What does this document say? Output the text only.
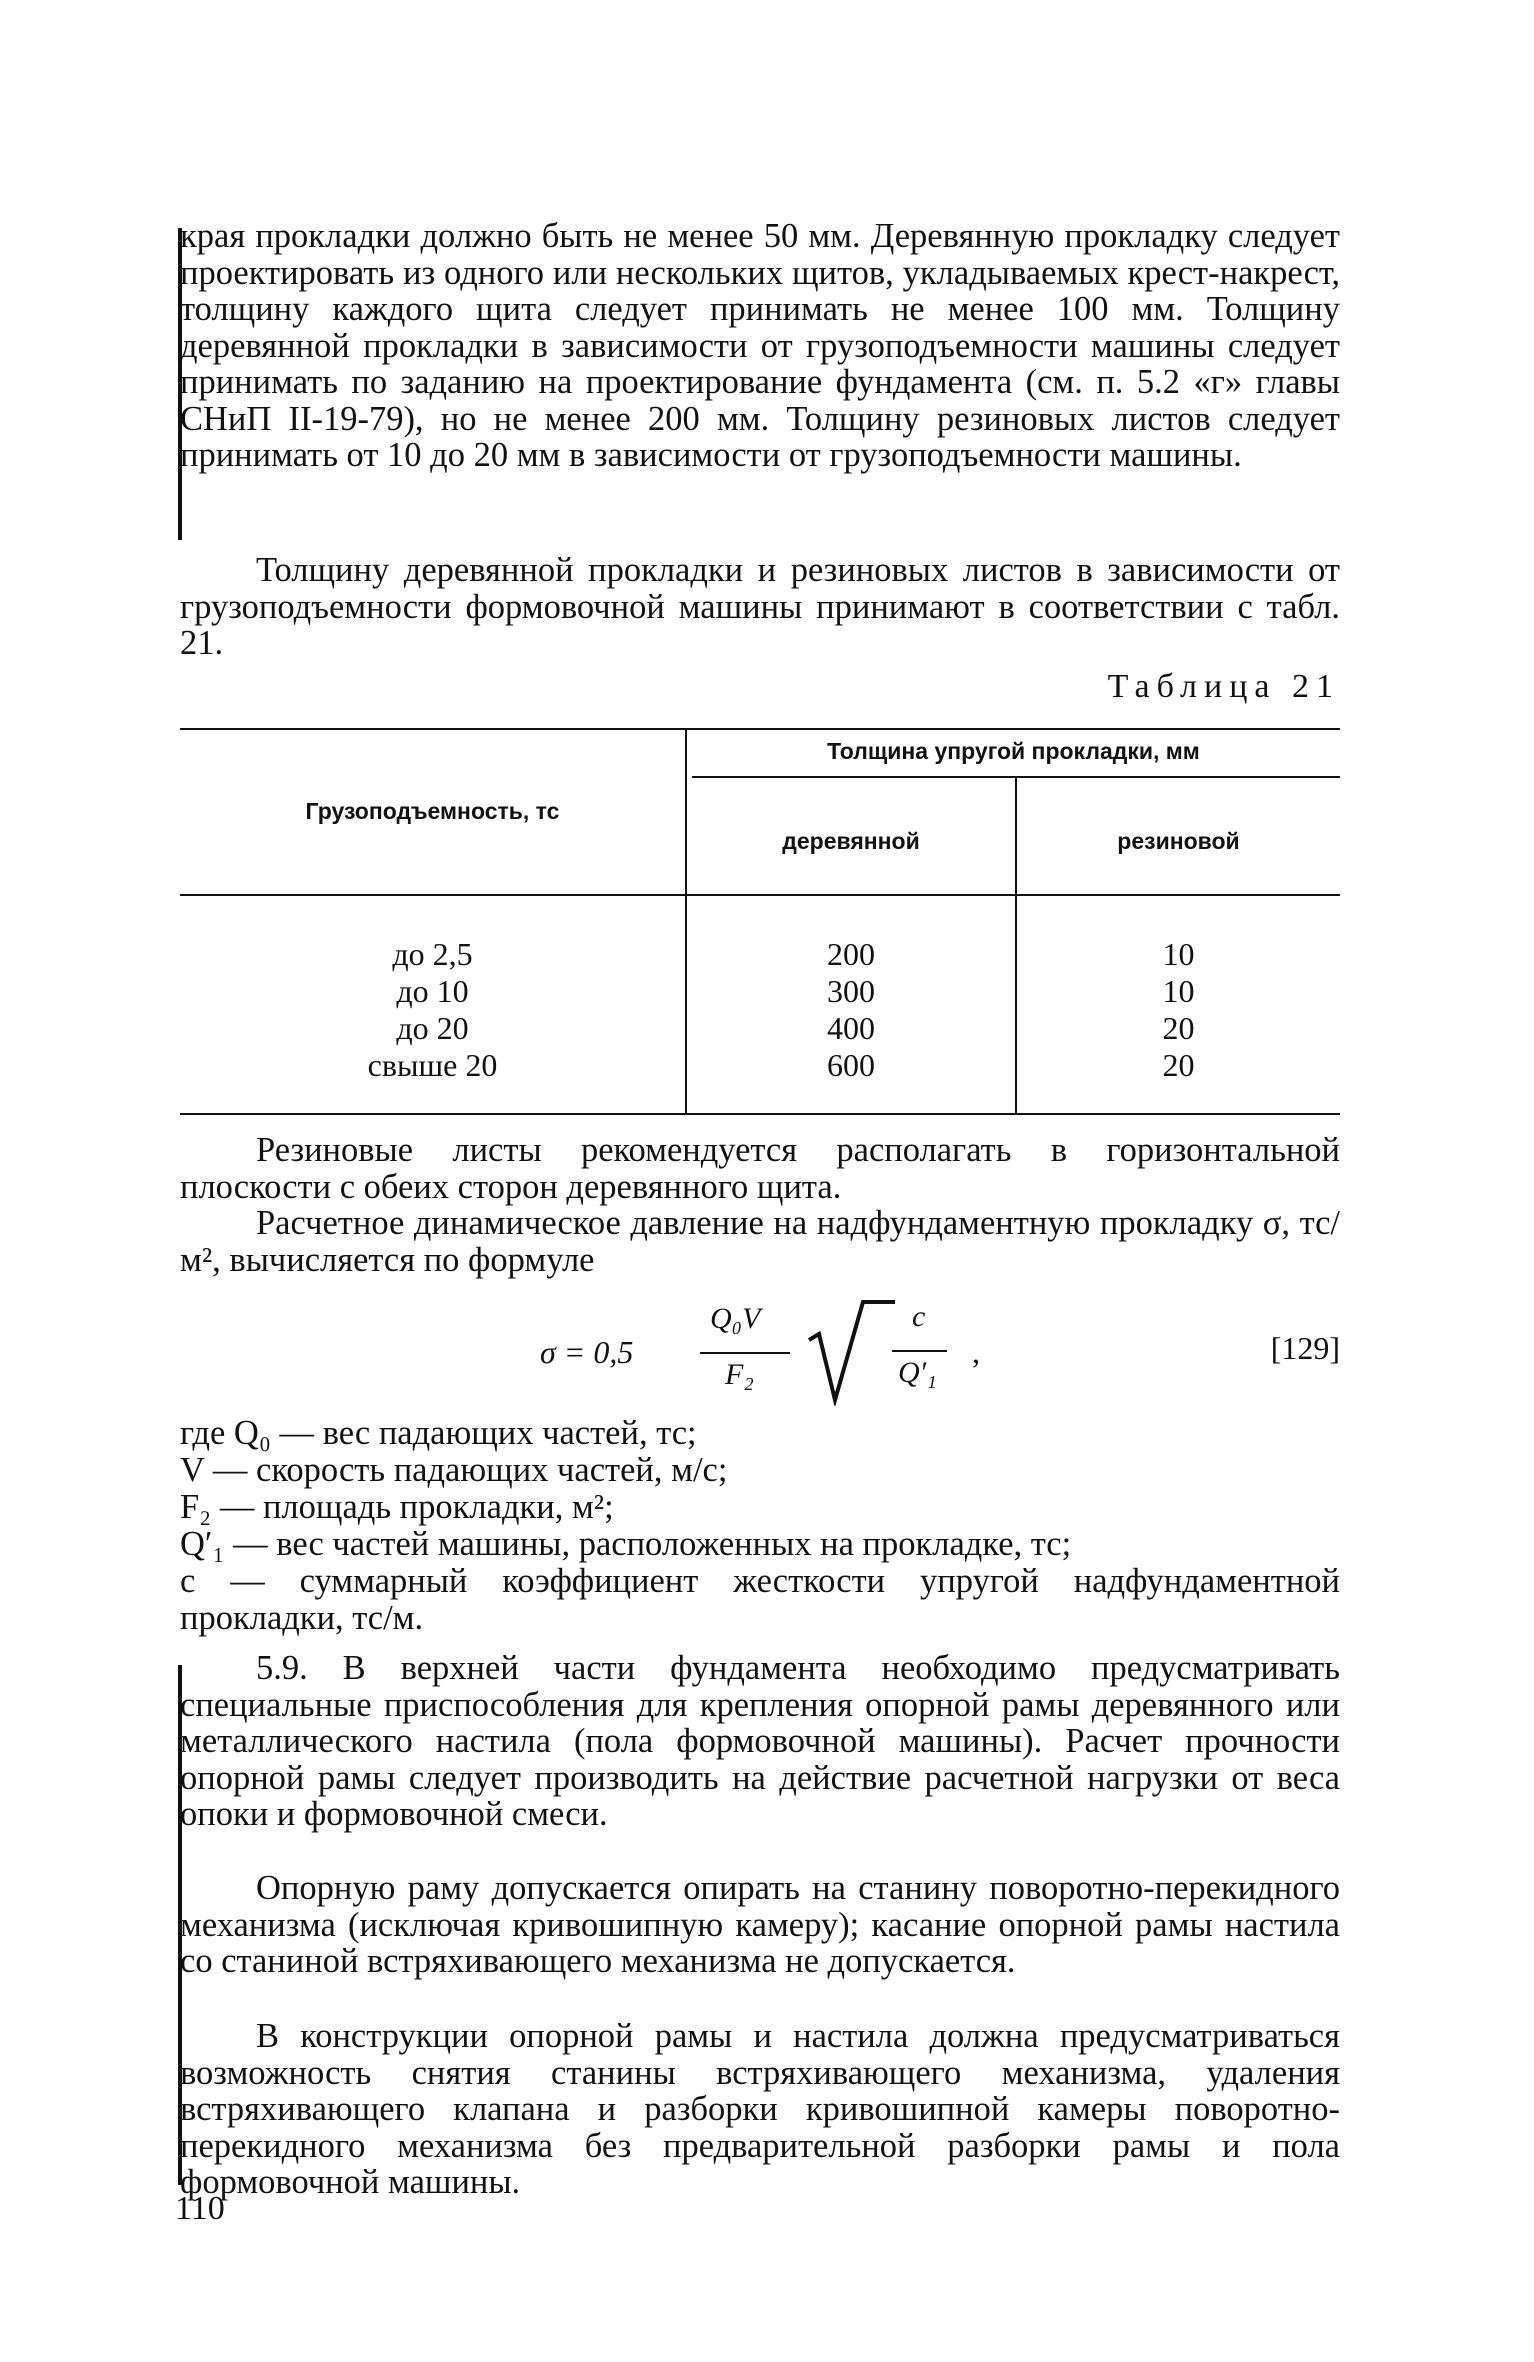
края прокладки должно быть не менее 50 мм. Деревянную прокладку следует проектировать из одного или нескольких щитов, укладываемых крест-накрест, толщину каждого щита следует принимать не менее 100 мм. Толщину деревянной прокладки в зависимости от грузоподъемности машины следует принимать по заданию на проектирование фундамента (см. п. 5.2 «г» главы СНиП II-19-79), но не менее 200 мм. Толщину резиновых листов следует принимать от 10 до 20 мм в зависимости от грузоподъемности машины.

Толщину деревянной прокладки и резиновых листов в зависимости от грузоподъемности формовочной машины принимают в соответствии с табл. 21.

Таблица 21
Грузоподъемность, тс
Толщина упругой прокладки, мм
деревянной	резиновой
до 2,5
до 10
до 20
свыше 20
200
300
400
600
10
10
20
20

Резиновые листы рекомендуется располагать в горизонтальной плоскости с обеих сторон деревянного щита.

Расчетное динамическое давление на надфундаментную прокладку σ, тс/м², вычисляется по формуле

σ = 0,5
Q₀V
F₂
c
Q′₁
,	[129]
где Q₀ — вес падающих частей, тс;
V — скорость падающих частей, м/с;
F₂ — площадь прокладки, м²;
Q′₁ — вес частей машины, расположенных на прокладке, тс;
c — суммарный коэффициент жесткости упругой надфундаментной прокладки, тс/м.

5.9. В верхней части фундамента необходимо предусматривать специальные приспособления для крепления опорной рамы деревянного или металлического настила (пола формовочной машины). Расчет прочности опорной рамы следует производить на действие расчетной нагрузки от веса опоки и формовочной смеси.

Опорную раму допускается опирать на станину поворотно-перекидного механизма (исключая кривошипную камеру); касание опорной рамы настила со станиной встряхивающего механизма не допускается.

В конструкции опорной рамы и настила должна предусматриваться возможность снятия станины встряхивающего механизма, удаления встряхивающего клапана и разборки кривошипной камеры поворотно-перекидного механизма без предварительной разборки рамы и пола формовочной машины.

110
